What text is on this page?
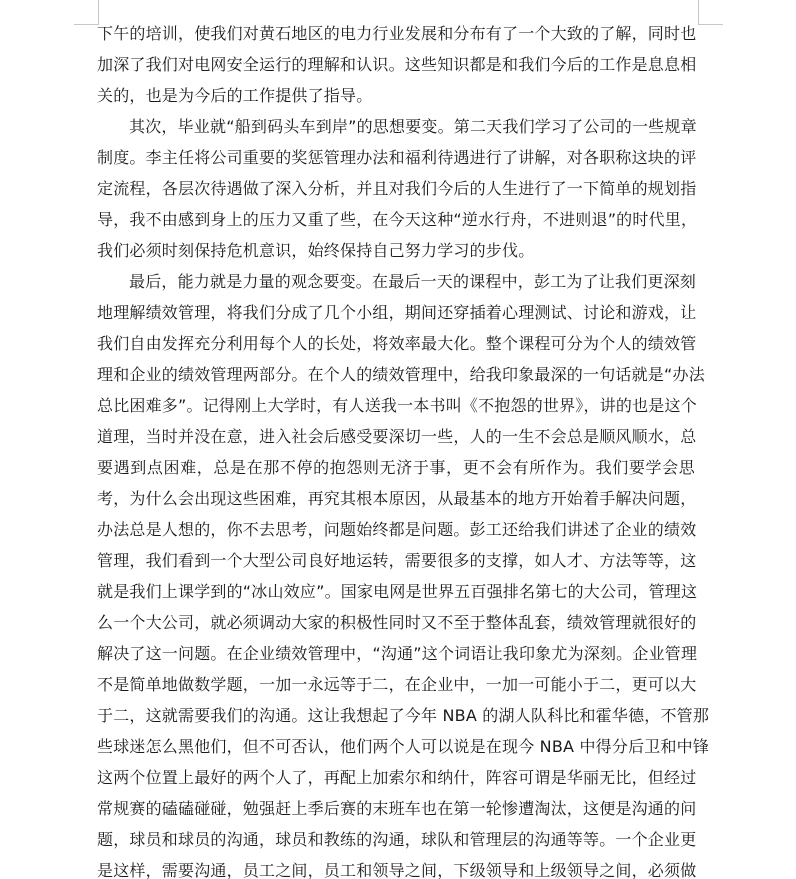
下午的培训，使我们对黄石地区的电力行业发展和分布有了一个大致的了解，同时也
加深了我们对电网安全运行的理解和认识。这些知识都是和我们今后的工作是息息相
关的，也是为今后的工作提供了指导。
其次，毕业就“船到码头车到岸”的思想要变。第二天我们学习了公司的一些规章
制度。李主任将公司重要的奖惩管理办法和福利待遇进行了讲解，对各职称这块的评
定流程，各层次待遇做了深入分析，并且对我们今后的人生进行了一下简单的规划指
导，我不由感到身上的压力又重了些，在今天这种“逆水行舟，不进则退”的时代里，
我们必须时刻保持危机意识，始终保持自己努力学习的步伐。
最后，能力就是力量的观念要变。在最后一天的课程中，彭工为了让我们更深刻
地理解绩效管理，将我们分成了几个小组，期间还穿插着心理测试、讨论和游戏，让
我们自由发挥充分利用每个人的长处，将效率最大化。整个课程可分为个人的绩效管
理和企业的绩效管理两部分。在个人的绩效管理中，给我印象最深的一句话就是“办法
总比困难多”。记得刚上大学时，有人送我一本书叫《不抱怨的世界》，讲的也是这个
道理，当时并没在意，进入社会后感受要深切一些，人的一生不会总是顺风顺水，总
要遇到点困难，总是在那不停的抱怨则无济于事，更不会有所作为。我们要学会思
考，为什么会出现这些困难，再究其根本原因，从最基本的地方开始着手解决问题，
办法总是人想的，你不去思考，问题始终都是问题。彭工还给我们讲述了企业的绩效
管理，我们看到一个大型公司良好地运转，需要很多的支撑，如人才、方法等等，这
就是我们上课学到的“冰山效应”。国家电网是世界五百强排名第七的大公司，管理这
么一个大公司，就必须调动大家的积极性同时又不至于整体乱套，绩效管理就很好的
解决了这一问题。在企业绩效管理中，“沟通”这个词语让我印象尤为深刻。企业管理
不是简单地做数学题，一加一永远等于二，在企业中，一加一可能小于二，更可以大
于二，这就需要我们的沟通。这让我想起了今年 NBA 的湖人队科比和霍华德，不管那
些球迷怎么黑他们，但不可否认，他们两个人可以说是在现今 NBA 中得分后卫和中锋
这两个位置上最好的两个人了，再配上加索尔和纳什，阵容可谓是华丽无比，但经过
常规赛的磕磕碰碰，勉强赶上季后赛的末班车也在第一轮惨遭淘汰，这便是沟通的问
题，球员和球员的沟通，球员和教练的沟通，球队和管理层的沟通等等。一个企业更
是这样，需要沟通，员工之间，员工和领导之间，下级领导和上级领导之间，必须做
